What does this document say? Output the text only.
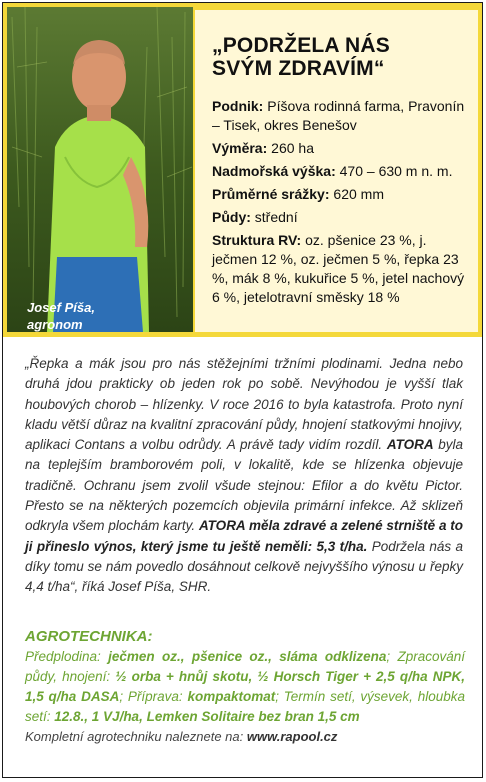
Josef Píša,
agronom
„PODRŽELA NÁS
SVÝM ZDRAVÍM“

Podnik: Píšova rodinná farma, Pravonín – Tisek, okres Benešov

Výměra: 260 ha

Nadmořská výška: 470 – 630 m n. m.

Průměrné srážky: 620 mm

Půdy: střední

Struktura RV: oz. pšenice 23 %, j. ječmen 12 %, oz. ječmen 5 %, řepka 23 %, mák 8 %, kukuřice 5 %, jetel nachový 6 %, jetelotravní směsky 18 %

„Řepka a mák jsou pro nás stěžejními tržními plodinami. Jedna nebo druhá jdou prakticky ob jeden rok po sobě. Nevýhodou je vyšší tlak houbových chorob – hlízenky. V roce 2016 to byla katastrofa. Proto nyní kladu větší důraz na kvalitní zpracování půdy, hnojení statkovými hnojivy, aplikaci Contans a volbu odrůdy. A právě tady vidím rozdíl. ATORA byla na teplejším bramborovém poli, v lokalitě, kde se hlízenka objevuje tradičně. Ochranu jsem zvolil všude stejnou: Efilor a do květu Pictor. Přesto se na některých pozemcích objevila primární infekce. Až sklizeň odkryla všem plochám karty. ATORA měla zdravé a zelené strniště a to ji přineslo výnos, který jsme tu ještě neměli: 5,3 t/ha. Podržela nás a díky tomu se nám povedlo dosáhnout celkově nejvyššího výnosu u řepky 4,4 t/ha“, říká Josef Píša, SHR.

AGROTECHNIKA:
Předplodina: ječmen oz., pšenice oz., sláma odklizena; Zpracování půdy, hnojení: ½ orba + hnůj skotu, ½ Horsch Tiger + 2,5 q/ha NPK, 1,5 q/ha DASA; Příprava: kompaktomat; Termín setí, výsevek, hloubka setí: 12.8., 1 VJ/ha, Lemken Solitaire bez bran 1,5 cm
Kompletní agrotechniku naleznete na: www.rapool.cz
